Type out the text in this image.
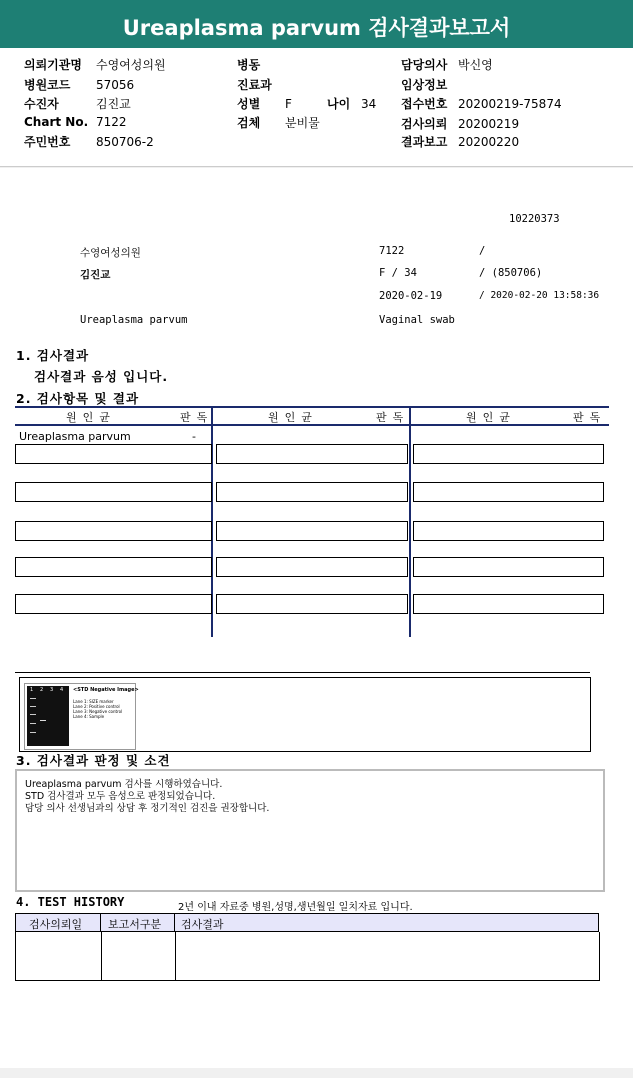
Ureaplasma parvum 검사결과보고서
의뢰기관명 수영여성의원
병원코드 57056
수진자	김진교
Chart No. 7122
주민번호 850706-2
병동
진료과
성별 F	나이 34
검체 분비물
담당의사 박신영
임상정보
접수번호 20200219-75874
검사의뢰 20200219
결과보고 20200220
10220373
수영여성의원	7122	/
김진교	F / 34	/ (850706)
2020-02-19	/ 2020-02-20 13:58:36
Ureaplasma parvum	Vaginal swab
1. 검사결과
검사결과 음성 입니다.
2. 검사항목 및 결과
원인균	판독	원인균	판독	원인균	판독
Ureaplasma parvum	-
1 2 3 4 <STD Negative Image>
Lane 1: SIZE marker
Lane 2: Positive control
Lane 3: Negative control
Lane 4: Sample
3. 검사결과 판정 및 소견
Ureaplasma parvum 검사를 시행하였습니다.
STD 검사결과 모두 음성으로 판정되었습니다.
담당 의사 선생님과의 상담 후 정기적인 검진을 권장합니다.
4. TEST HISTORY	2년 이내 자료중 병원,성명,생년월일 일치자료 입니다.
검사의뢰일 보고서구분 검사결과
